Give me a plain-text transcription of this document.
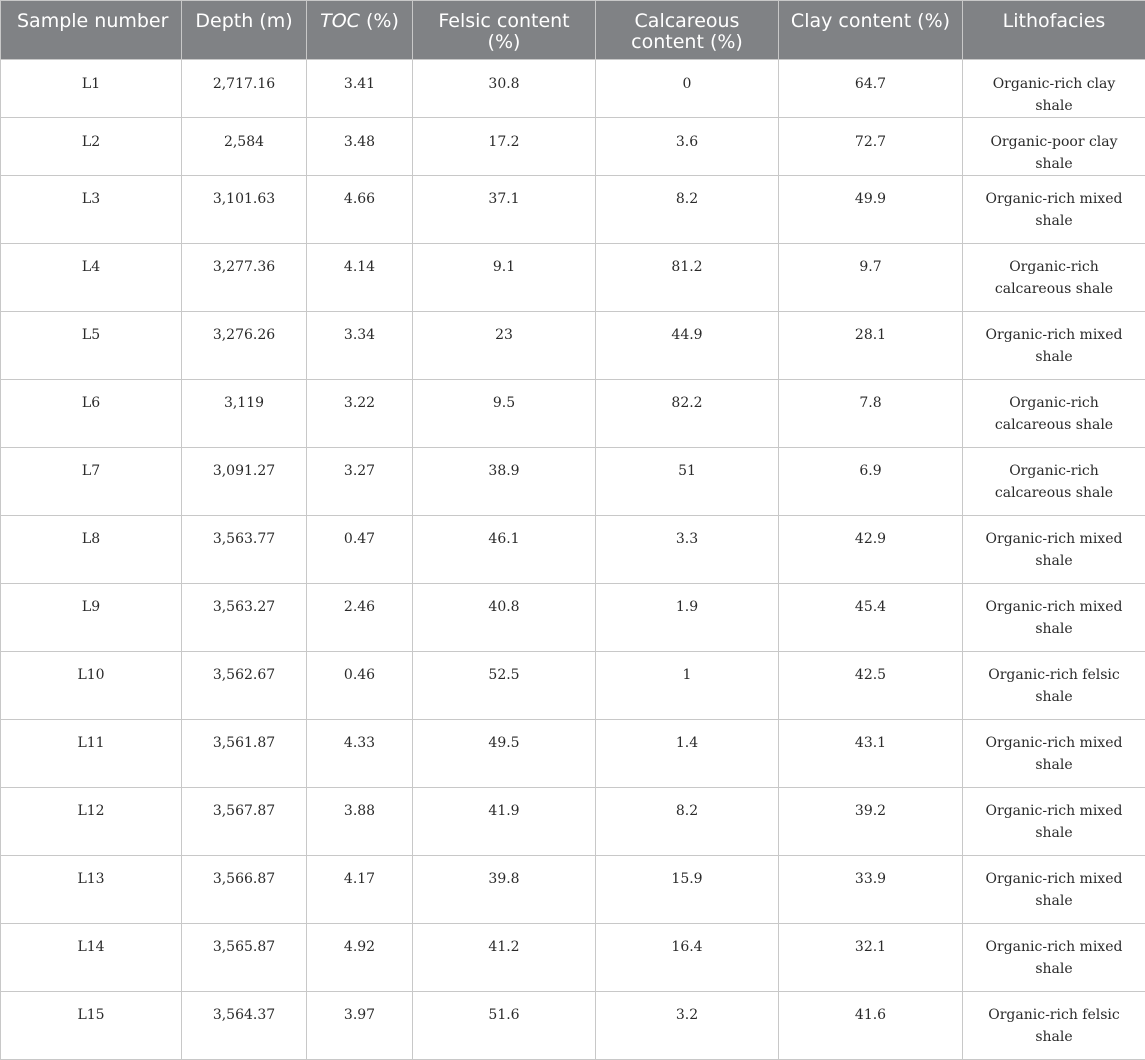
Sample number	Depth (m)	TOC (%)	Felsic content (%)	Calcareous content (%)	Clay content (%)	Lithofacies
L1	2,717.16	3.41	30.8	0	64.7	Organic-rich clay shale
L2	2,584	3.48	17.2	3.6	72.7	Organic-poor clay shale
L3	3,101.63	4.66	37.1	8.2	49.9	Organic-rich mixed shale
L4	3,277.36	4.14	9.1	81.2	9.7	Organic-rich calcareous shale
L5	3,276.26	3.34	23	44.9	28.1	Organic-rich mixed shale
L6	3,119	3.22	9.5	82.2	7.8	Organic-rich calcareous shale
L7	3,091.27	3.27	38.9	51	6.9	Organic-rich calcareous shale
L8	3,563.77	0.47	46.1	3.3	42.9	Organic-rich mixed shale
L9	3,563.27	2.46	40.8	1.9	45.4	Organic-rich mixed shale
L10	3,562.67	0.46	52.5	1	42.5	Organic-rich felsic shale
L11	3,561.87	4.33	49.5	1.4	43.1	Organic-rich mixed shale
L12	3,567.87	3.88	41.9	8.2	39.2	Organic-rich mixed shale
L13	3,566.87	4.17	39.8	15.9	33.9	Organic-rich mixed shale
L14	3,565.87	4.92	41.2	16.4	32.1	Organic-rich mixed shale
L15	3,564.37	3.97	51.6	3.2	41.6	Organic-rich felsic shale
